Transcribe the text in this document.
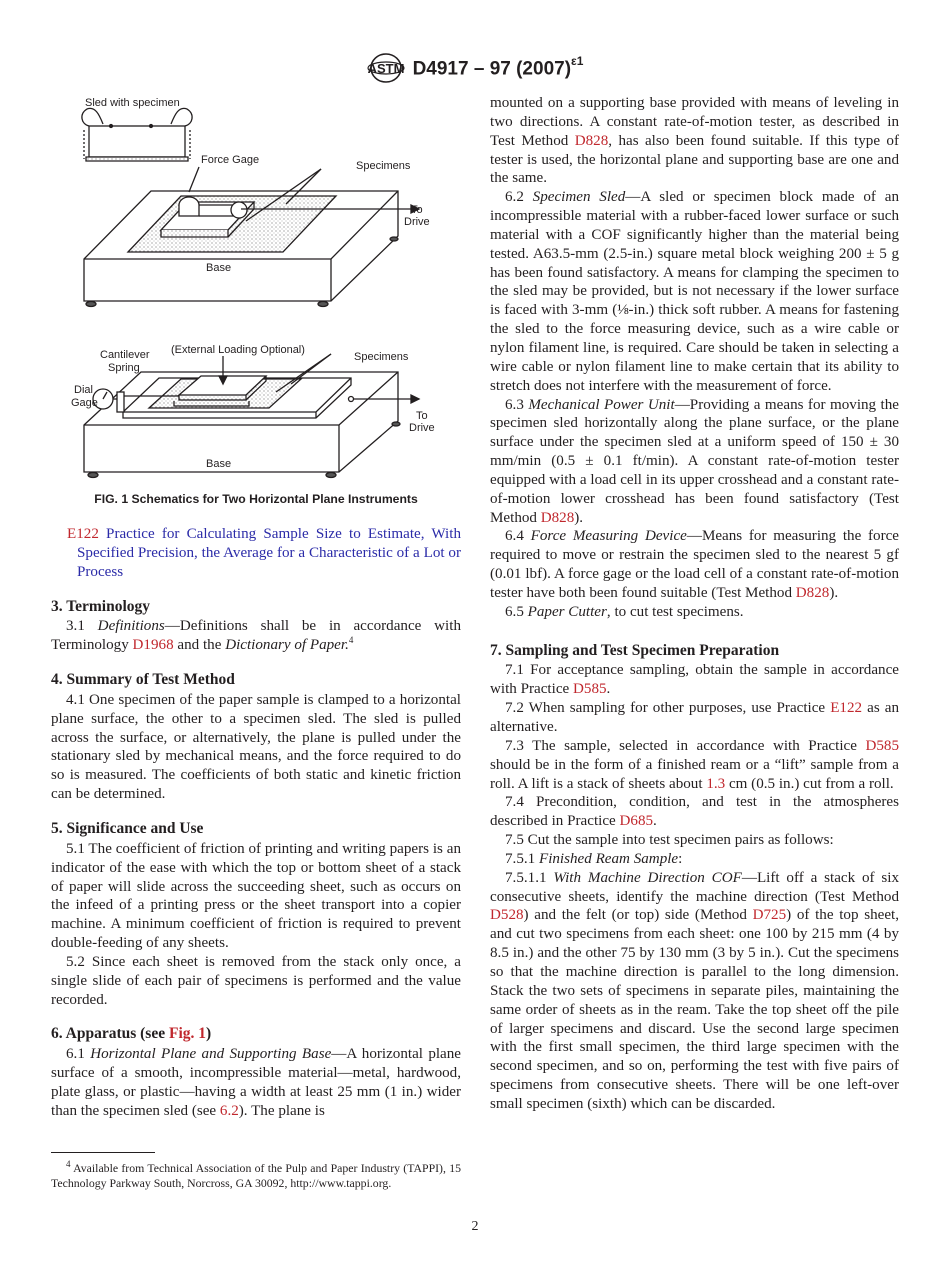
ASTM D4917 – 97 $(2007)^{\varepsilon 1}$
Sled with specimen
Force Gage	Specimens
To
Drive
Base
Cantilever
Spring
(External Loading Optional)
Specimens
Dial
Gage
To
Drive
Base
FIG. 1 Schematics for Two Horizontal Plane Instruments
E122 Practice for Calculating Sample Size to Estimate, With Specified Precision, the Average for a Characteristic of a Lot or Process
3. Terminology

3.1 Definitions—Definitions shall be in accordance with Terminology D1968 and the Dictionary of Paper.$^4$

4. Summary of Test Method

4.1 One specimen of the paper sample is clamped to a horizontal plane surface, the other to a specimen sled. The sled is pulled across the surface, or alternatively, the plane is pulled under the stationary sled by mechanical means, and the force required to do so is measured. The coefficients of both static and kinetic friction can be determined.

5. Significance and Use

5.1 The coefficient of friction of printing and writing papers is an indicator of the ease with which the top or bottom sheet of a stack of paper will slide across the succeeding sheet, such as occurs on the infeed of a printing press or the sheet transport into a copier machine. A minimum coefficient of friction is required to prevent double-feeding of any sheets.

5.2 Since each sheet is removed from the stack only once, a single slide of each pair of specimens is performed and the value recorded.

6. Apparatus (see Fig. 1)

6.1 Horizontal Plane and Supporting Base—A horizontal plane surface of a smooth, incompressible material—metal, hardwood, plate glass, or plastic—having a width at least 25 mm (1 in.) wider than the specimen sled (see 6.2). The plane is

$^4$ Available from Technical Association of the Pulp and Paper Industry (TAPPI), 15 Technology Parkway South, Norcross, GA 30092, http://www.tappi.org.

mounted on a supporting base provided with means of leveling in two directions. A constant rate-of-motion tester, as described in Test Method D828, has also been found suitable. If this type of tester is used, the horizontal plane and supporting base are one and the same.

6.2 Specimen Sled—A sled or specimen block made of an incompressible material with a rubber-faced lower surface or such material with a COF significantly higher than the material being tested. A63.5-mm (2.5-in.) square metal block weighing 200 ± 5 g has been found satisfactory. A means for clamping the specimen to the sled may be provided, but is not necessary if the lower surface is faced with 3-mm (⅛-in.) thick soft rubber. A means for fastening the sled to the force measuring device, such as a wire cable or nylon filament line, is required. Care should be taken in selecting a wire cable or nylon filament line to make certain that its ability to stretch does not interfere with the measurement of force.

6.3 Mechanical Power Unit—Providing a means for moving the specimen sled horizontally along the plane surface, or the plane surface under the specimen sled at a uniform speed of 150 ± 30 mm/min (0.5 ± 0.1 ft/min). A constant rate-of-motion tester equipped with a load cell in its upper crosshead and a constant rate-of-motion lower crosshead has been found satisfactory (Test Method D828).

6.4 Force Measuring Device—Means for measuring the force required to move or restrain the specimen sled to the nearest 5 gf (0.01 lbf). A force gage or the load cell of a constant rate-of-motion tester have both been found suitable (Test Method D828).

6.5 Paper Cutter, to cut test specimens.

7. Sampling and Test Specimen Preparation

7.1 For acceptance sampling, obtain the sample in accordance with Practice D585.

7.2 When sampling for other purposes, use Practice E122 as an alternative.

7.3 The sample, selected in accordance with Practice D585 should be in the form of a finished ream or a “lift” sample from a roll. A lift is a stack of sheets about 1.3 cm (0.5 in.) cut from a roll.

7.4 Precondition, condition, and test in the atmospheres described in Practice D685.

7.5 Cut the sample into test specimen pairs as follows:

7.5.1 Finished Ream Sample:

7.5.1.1 With Machine Direction COF—Lift off a stack of six consecutive sheets, identify the machine direction (Test Method D528) and the felt (or top) side (Method D725) of the top sheet, and cut two specimens from each sheet: one 100 by 215 mm (4 by 8.5 in.) and the other 75 by 130 mm (3 by 5 in.). Cut the specimens so that the machine direction is parallel to the long dimension. Stack the two sets of specimens in separate piles, maintaining the same order of sheets as in the ream. Take the top sheet off the pile of larger specimens and discard. Use the second large specimen with the first small specimen, the third large specimen with the second specimen, and so on, performing the test with five pairs of specimens from consecutive sheets. There will be one left-over small specimen (sixth) which can be discarded.

2
